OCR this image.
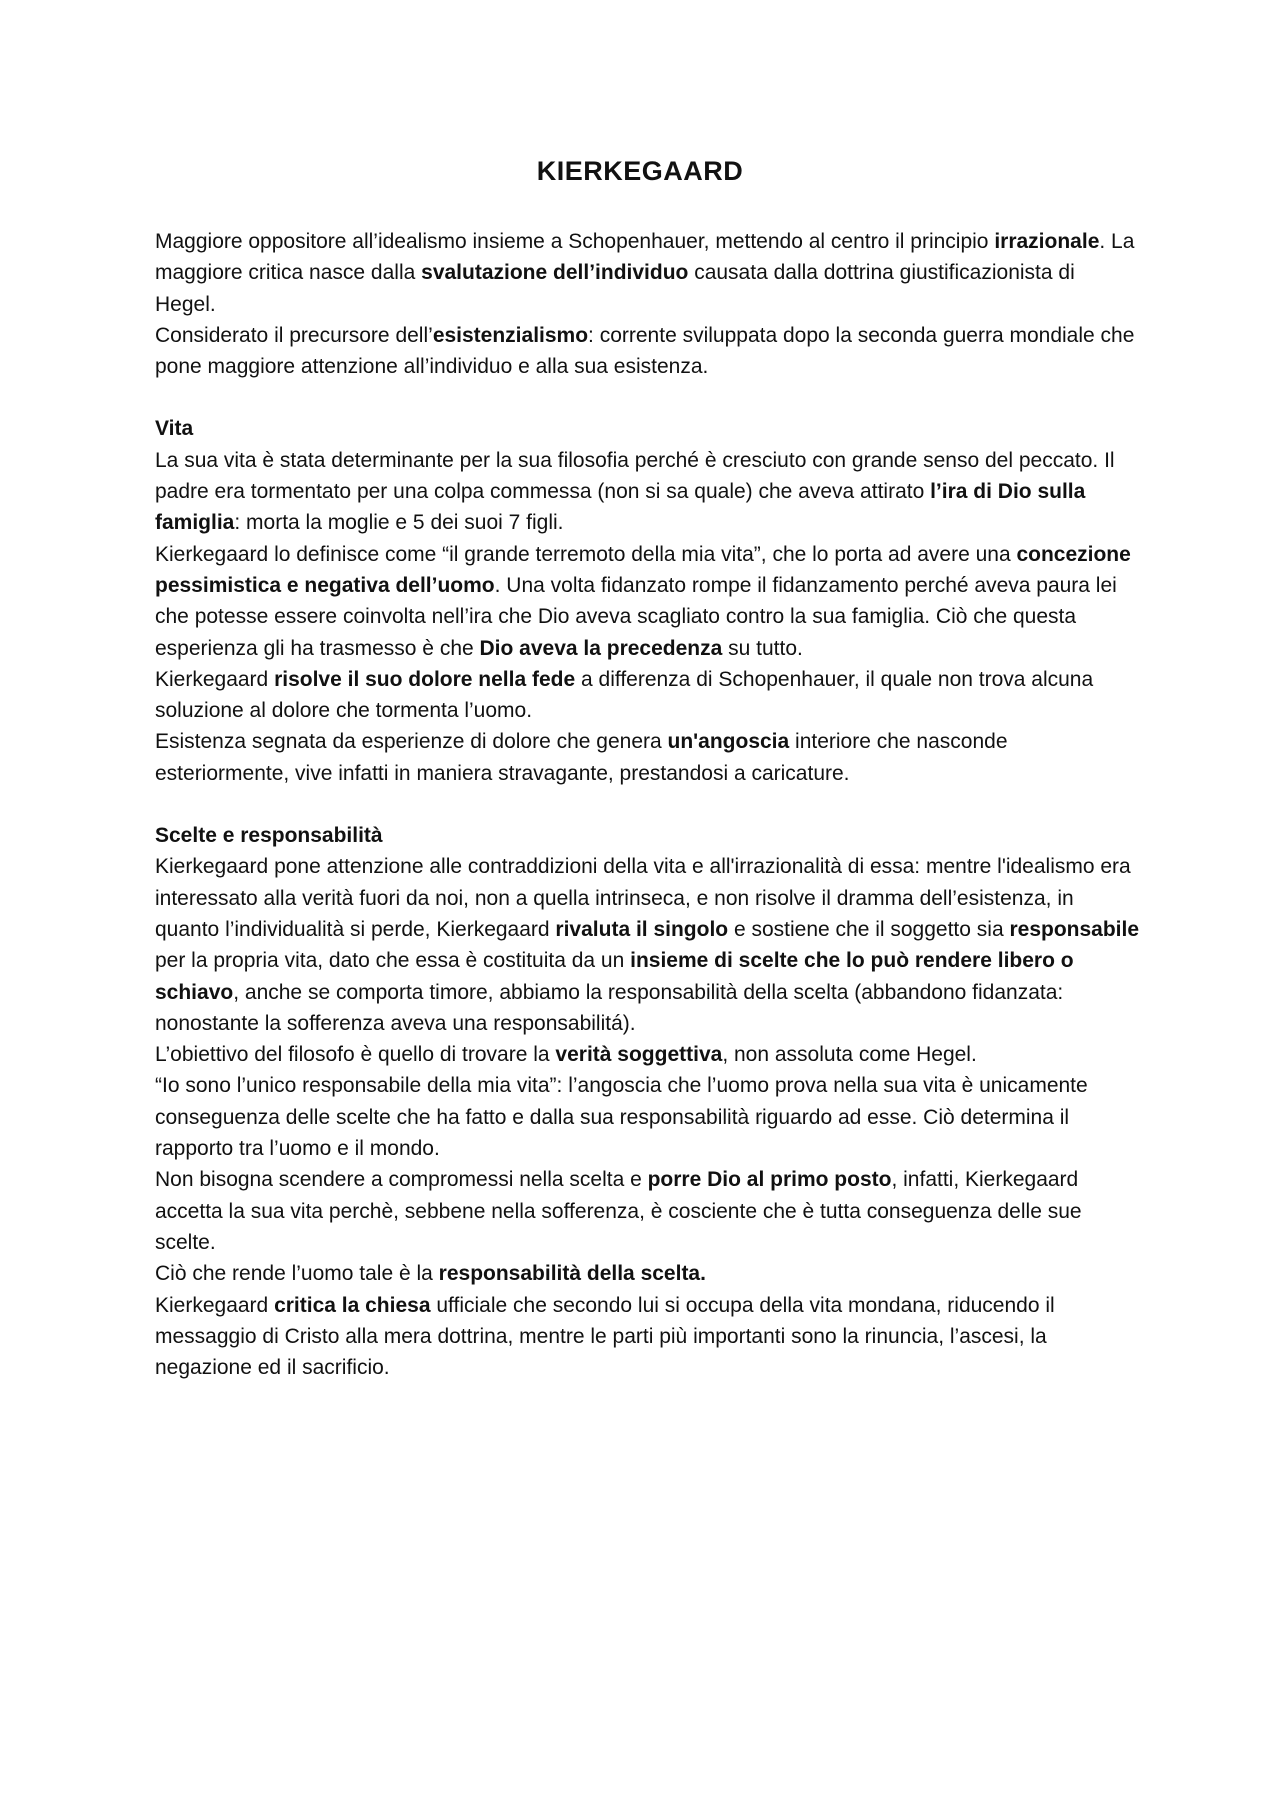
KIERKEGAARD

Maggiore oppositore all’idealismo insieme a Schopenhauer, mettendo al centro il principio irrazionale. La maggiore critica nasce dalla svalutazione dell’individuo causata dalla dottrina giustificazionista di Hegel.

Considerato il precursore dell’esistenzialismo: corrente sviluppata dopo la seconda guerra mondiale che pone maggiore attenzione all’individuo e alla sua esistenza.

Vita

La sua vita è stata determinante per la sua filosofia perché è cresciuto con grande senso del peccato. Il padre era tormentato per una colpa commessa (non si sa quale) che aveva attirato l’ira di Dio sulla famiglia: morta la moglie e 5 dei suoi 7 figli.

Kierkegaard lo definisce come “il grande terremoto della mia vita”, che lo porta ad avere una concezione pessimistica e negativa dell’uomo. Una volta fidanzato rompe il fidanzamento perché aveva paura lei che potesse essere coinvolta nell’ira che Dio aveva scagliato contro la sua famiglia. Ciò che questa esperienza gli ha trasmesso è che Dio aveva la precedenza su tutto.

Kierkegaard risolve il suo dolore nella fede a differenza di Schopenhauer, il quale non trova alcuna soluzione al dolore che tormenta l’uomo.

Esistenza segnata da esperienze di dolore che genera un'angoscia interiore che nasconde esteriormente, vive infatti in maniera stravagante, prestandosi a caricature.

Scelte e responsabilità

Kierkegaard pone attenzione alle contraddizioni della vita e all'irrazionalità di essa: mentre l'idealismo era interessato alla verità fuori da noi, non a quella intrinseca, e non risolve il dramma dell’esistenza, in quanto l’individualità si perde, Kierkegaard rivaluta il singolo e sostiene che il soggetto sia responsabile per la propria vita, dato che essa è costituita da un insieme di scelte che lo può rendere libero o schiavo, anche se comporta timore, abbiamo la responsabilità della scelta (abbandono fidanzata: nonostante la sofferenza aveva una responsabilitá).

L’obiettivo del filosofo è quello di trovare la verità soggettiva, non assoluta come Hegel.

“Io sono l’unico responsabile della mia vita”: l’angoscia che l’uomo prova nella sua vita è unicamente conseguenza delle scelte che ha fatto e dalla sua responsabilità riguardo ad esse. Ciò determina il rapporto tra l’uomo e il mondo.

Non bisogna scendere a compromessi nella scelta e porre Dio al primo posto, infatti, Kierkegaard accetta la sua vita perchè, sebbene nella sofferenza, è cosciente che è tutta conseguenza delle sue scelte.

Ciò che rende l’uomo tale è la responsabilità della scelta.

Kierkegaard critica la chiesa ufficiale che secondo lui si occupa della vita mondana, riducendo il messaggio di Cristo alla mera dottrina, mentre le parti più importanti sono la rinuncia, l’ascesi, la negazione ed il sacrificio.
